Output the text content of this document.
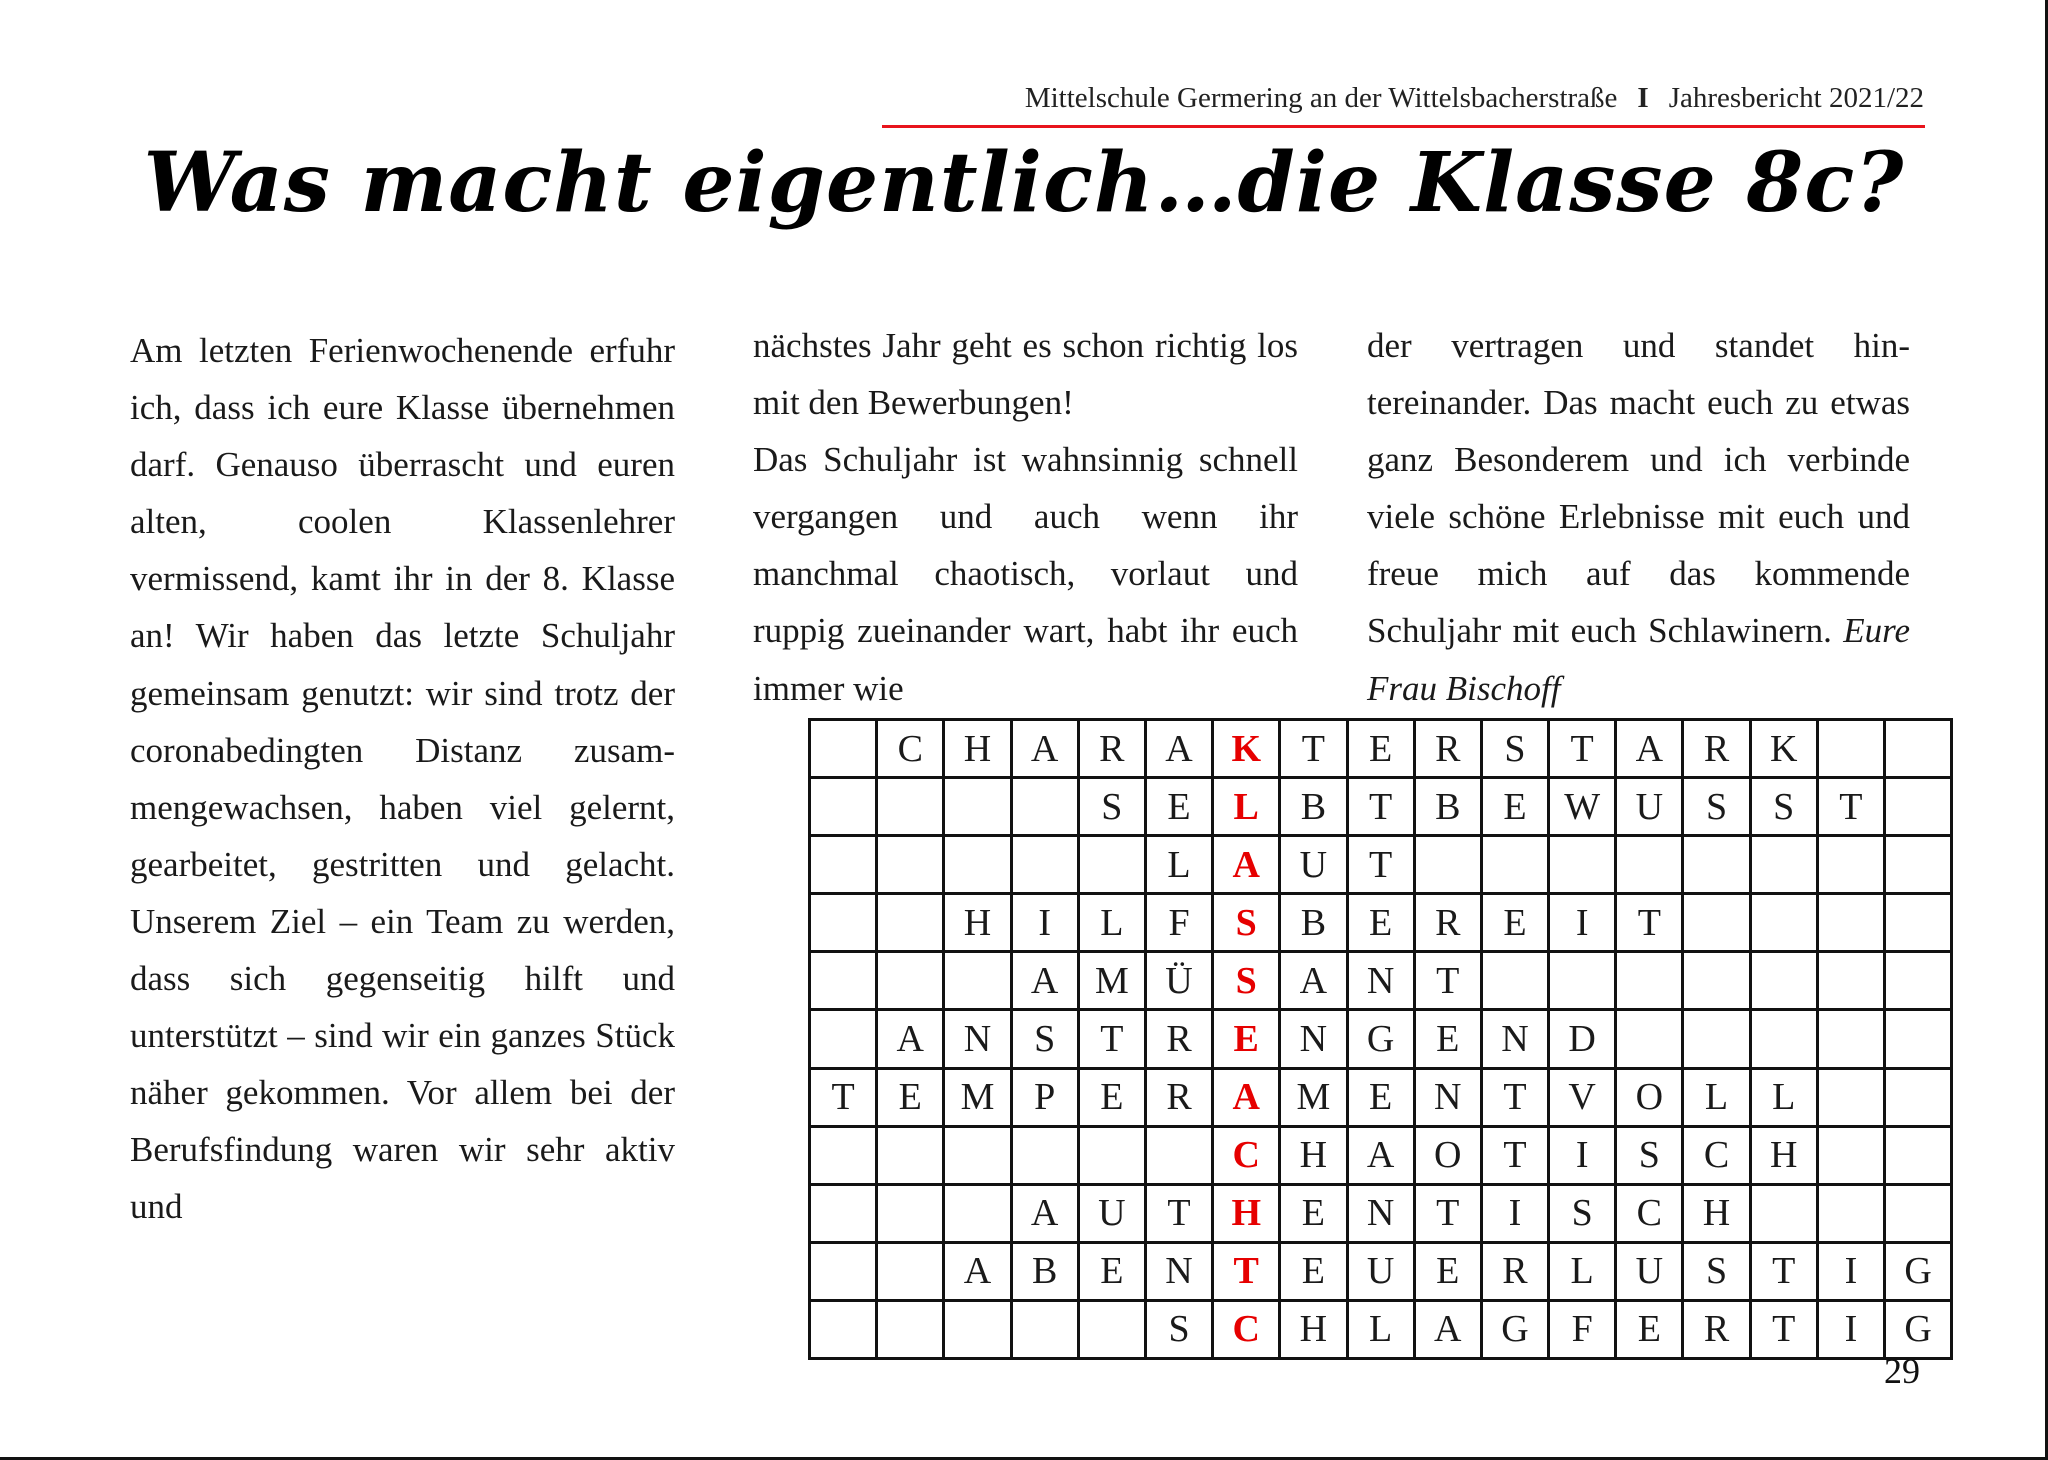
Mittelschule Germering an der Wittelsbacherstraße I Jahresbericht 2021/22
Was macht eigentlich…die Klasse 8c?

Am letzten Ferienwochenende erfuhr ich, dass ich eure Klasse übernehmen darf. Genauso überrascht und euren alten, coolen Klassenlehrer vermissend, kamt ihr in der 8. Klasse an! Wir haben das letzte Schuljahr gemeinsam genutzt: wir sind trotz der coronabedingten Distanz zusammengewachsen, haben viel gelernt, gearbeitet, gestritten und gelacht. Unserem Ziel – ein Team zu werden, dass sich gegenseitig hilft und unterstützt – sind wir ein ganzes Stück näher gekommen. Vor allem bei der Berufsfindung waren wir sehr aktiv und

nächstes Jahr geht es schon richtig los mit den Bewerbungen!

Das Schuljahr ist wahnsinnig schnell vergangen und auch wenn ihr manchmal chaotisch, vorlaut und ruppig zueinander wart, habt ihr euch immer wie

der vertragen und standet hintereinander. Das macht euch zu etwas ganz Besonderem und ich verbinde viele schöne Erlebnisse mit euch und freue mich auf das kommende Schuljahr mit euch Schlawinern. Eure Frau Bischoff

	C	H	A	R	A	K	T	E	R	S	T	A	R	K		
				S	E	L	B	T	B	E	W	U	S	S	T	
					L	A	U	T								
		H	I	L	F	S	B	E	R	E	I	T				
			A	M	Ü	S	A	N	T							
	A	N	S	T	R	E	N	G	E	N	D					
T	E	M	P	E	R	A	M	E	N	T	V	O	L	L		
						C	H	A	O	T	I	S	C	H		
			A	U	T	H	E	N	T	I	S	C	H			
		A	B	E	N	T	E	U	E	R	L	U	S	T	I	G
					S	C	H	L	A	G	F	E	R	T	I	G
29
